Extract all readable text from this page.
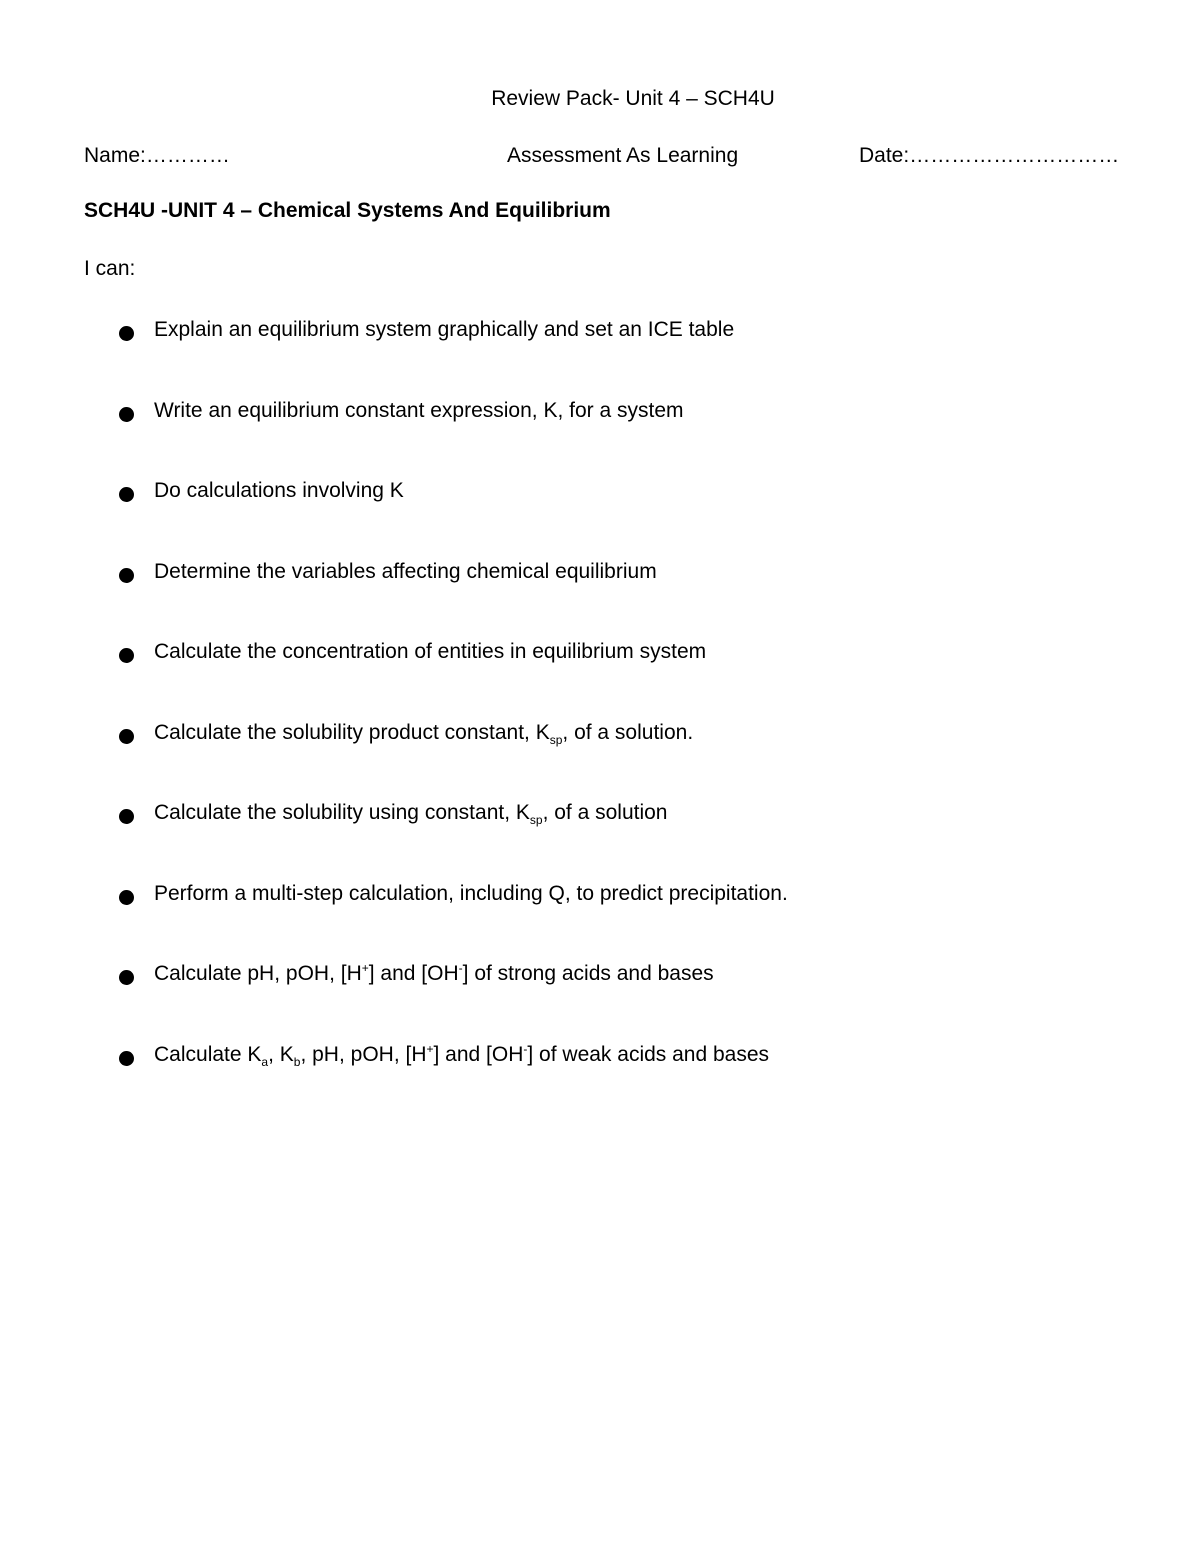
Review Pack- Unit 4 – SCH4U
Name:…………	Assessment As Learning	Date:…………………………
SCH4U -UNIT 4 – Chemical Systems And Equilibrium
I can:
Explain an equilibrium system graphically and set an ICE table
Write an equilibrium constant expression, K, for a system
Do calculations involving K
Determine the variables affecting chemical equilibrium
Calculate the concentration of entities in equilibrium system
Calculate the solubility product constant, $K_{sp}$, of a solution.
Calculate the solubility using constant, $K_{sp}$, of a solution
Perform a multi-step calculation, including Q, to predict precipitation.
Calculate pH, pOH, [H+] and [OH-] of strong acids and bases
Calculate $K_a$, $K_b$, pH, pOH, [H+] and [OH-] of weak acids and bases
